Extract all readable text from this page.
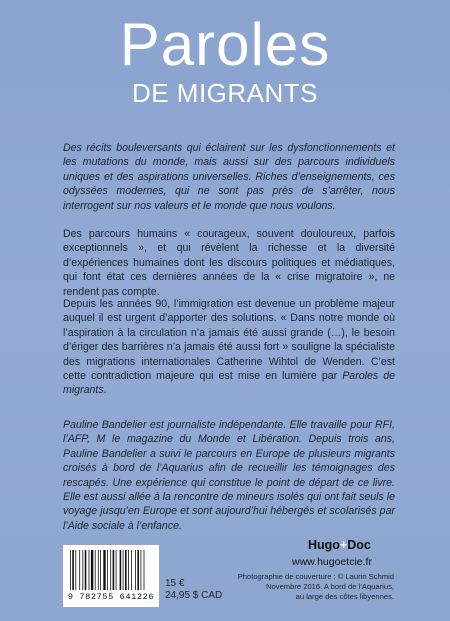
Paroles
DE MIGRANTS

Des récits bouleversants qui éclairent sur les dysfonctionnements et les mutations du monde, mais aussi sur des parcours individuels uniques et des aspirations universelles. Riches d’enseignements, ces odyssées modernes, qui ne sont pas près de s’arrêter, nous interrogent sur nos valeurs et le monde que nous voulons.

Des parcours humains « courageux, souvent douloureux, parfois exceptionnels », et qui révèlent la richesse et la diversité d’expériences humaines dont les discours politiques et médiatiques, qui font état ces dernières années de la « crise migratoire », ne rendent pas compte.

Depuis les années 90, l’immigration est devenue un problème majeur auquel il est urgent d’apporter des solutions. « Dans notre monde où l’aspiration à la circulation n’a jamais été aussi grande (…), le besoin d’ériger des barrières n’a jamais été aussi fort » souligne la spécialiste des migrations internationales Catherine Wihtol de Wenden. C’est cette contradiction majeure qui est mise en lumière par Paroles de migrants.

Pauline Bandelier est journaliste indépendante. Elle travaille pour RFI, l’AFP, M le magazine du Monde et Libération. Depuis trois ans, Pauline Bandelier a suivi le parcours en Europe de plusieurs migrants croisés à bord de l’Aquarius afin de recueillir les témoignages des rescapés. Une expérience qui constitue le point de départ de ce livre. Elle est aussi allée à la rencontre de mineurs isolés qui ont fait seuls le voyage jusqu’en Europe et sont aujourd’hui hébergés et scolarisés par l’Aide sociale à l’enfance.

9 782755 641226
15 €
24,95 $ CAD
Hugo+Doc
www.hugoetcie.fr
Photographie de couverture : © Laurin Schmid
Novembre 2016. A bord de l’Aquarius,
au large des côtes libyennes.
